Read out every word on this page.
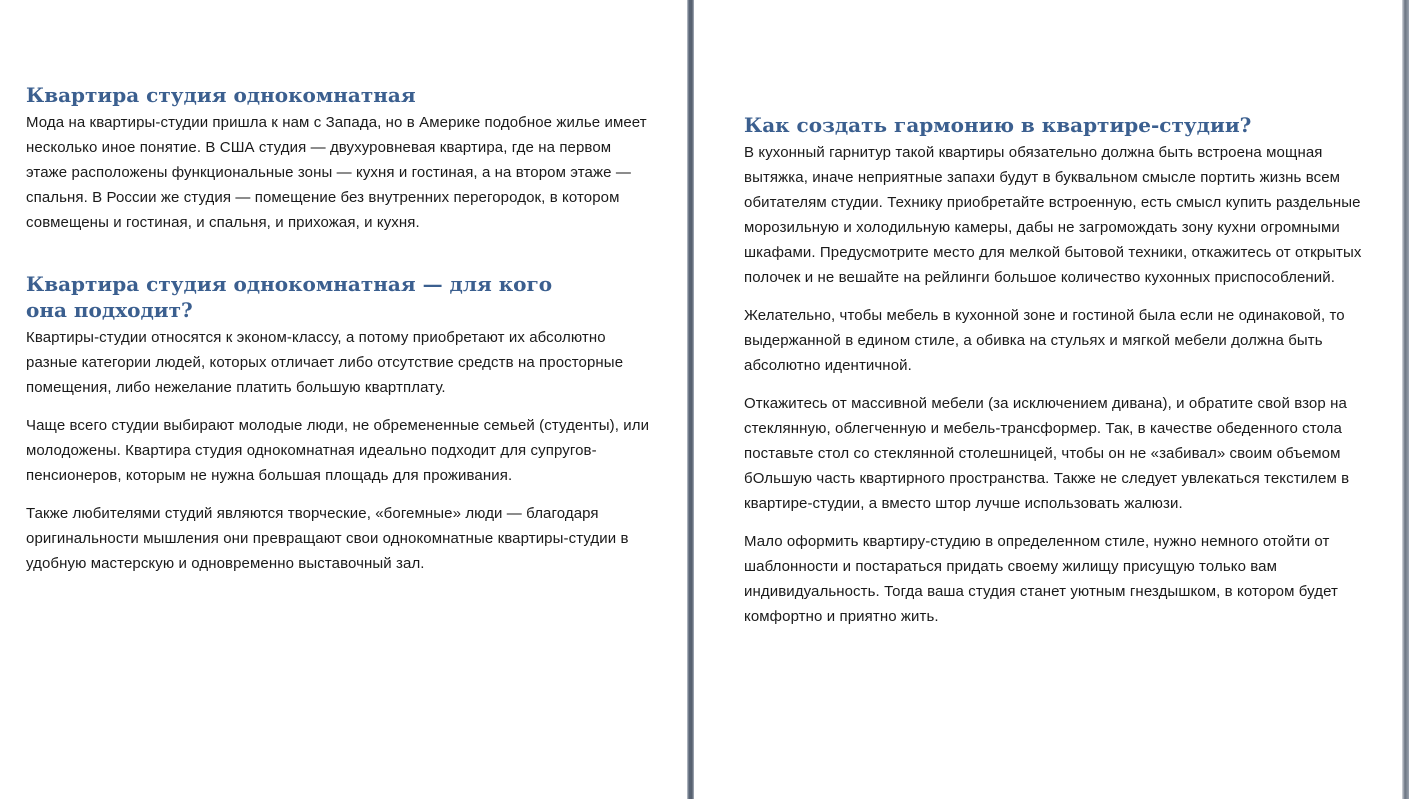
Квартира студия однокомнатная

Мода на квартиры-студии пришла к нам с Запада, но в Америке подобное жилье имеет несколько иное понятие. В США студия — двухуровневая квартира, где на первом этаже расположены функциональные зоны — кухня и гостиная, а на втором этаже — спальня. В России же студия — помещение без внутренних перегородок, в котором совмещены и гостиная, и спальня, и прихожая, и кухня.

Квартира студия однокомнатная — для кого она подходит?

Квартиры-студии относятся к эконом-классу, а потому приобретают их абсолютно разные категории людей, которых отличает либо отсутствие средств на просторные помещения, либо нежелание платить большую квартплату.

Чаще всего студии выбирают молодые люди, не обремененные семьей (студенты), или молодожены. Квартира студия однокомнатная идеально подходит для супругов-пенсионеров, которым не нужна большая площадь для проживания.

Также любителями студий являются творческие, «богемные» люди — благодаря оригинальности мышления они превращают свои однокомнатные квартиры-студии в удобную мастерскую и одновременно выставочный зал.

Как создать гармонию в квартире-студии?

В кухонный гарнитур такой квартиры обязательно должна быть встроена мощная вытяжка, иначе неприятные запахи будут в буквальном смысле портить жизнь всем обитателям студии. Технику приобретайте встроенную, есть смысл купить раздельные морозильную и холодильную камеры, дабы не загромождать зону кухни огромными шкафами. Предусмотрите место для мелкой бытовой техники, откажитесь от открытых полочек и не вешайте на рейлинги большое количество кухонных приспособлений.

Желательно, чтобы мебель в кухонной зоне и гостиной была если не одинаковой, то выдержанной в едином стиле, а обивка на стульях и мягкой мебели должна быть абсолютно идентичной.

Откажитесь от массивной мебели (за исключением дивана), и обратите свой взор на стеклянную, облегченную и мебель-трансформер. Так, в качестве обеденного стола поставьте стол со стеклянной столешницей, чтобы он не «забивал» своим объемом бОльшую часть квартирного пространства. Также не следует увлекаться текстилем в квартире-студии, а вместо штор лучше использовать жалюзи.

Мало оформить квартиру-студию в определенном стиле, нужно немного отойти от шаблонности и постараться придать своему жилищу присущую только вам индивидуальность. Тогда ваша студия станет уютным гнездышком, в котором будет комфортно и приятно жить.
